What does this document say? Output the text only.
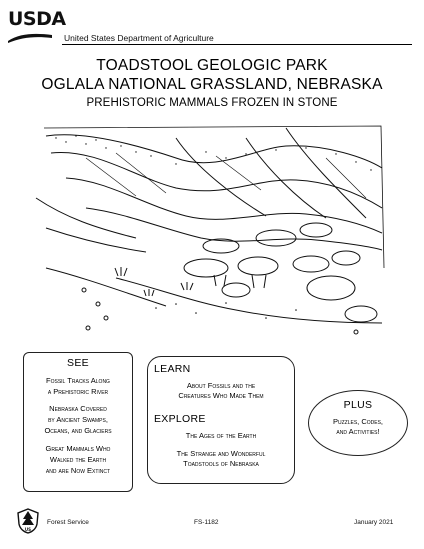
USDA
United States Department of Agriculture
TOADSTOOL GEOLOGIC PARK
OGLALA NATIONAL GRASSLAND, NEBRASKA
PREHISTORIC MAMMALS FROZEN IN STONE
SEE
Fossil Tracks Along
a Prehistoric River
Nebraska Covered
by Ancient Swamps,
Oceans, and Glaciers
Great Mammals Who
Walked the Earth
and are Now Extinct
LEARN
About Fossils and the
Creatures Who Made Them
EXPLORE
The Ages of the Earth
The Strange and Wonderful
Toadstools of Nebraska
PLUS
Puzzles, Codes,
and Activities!
US
Forest Service	FS-1182	January 2021
